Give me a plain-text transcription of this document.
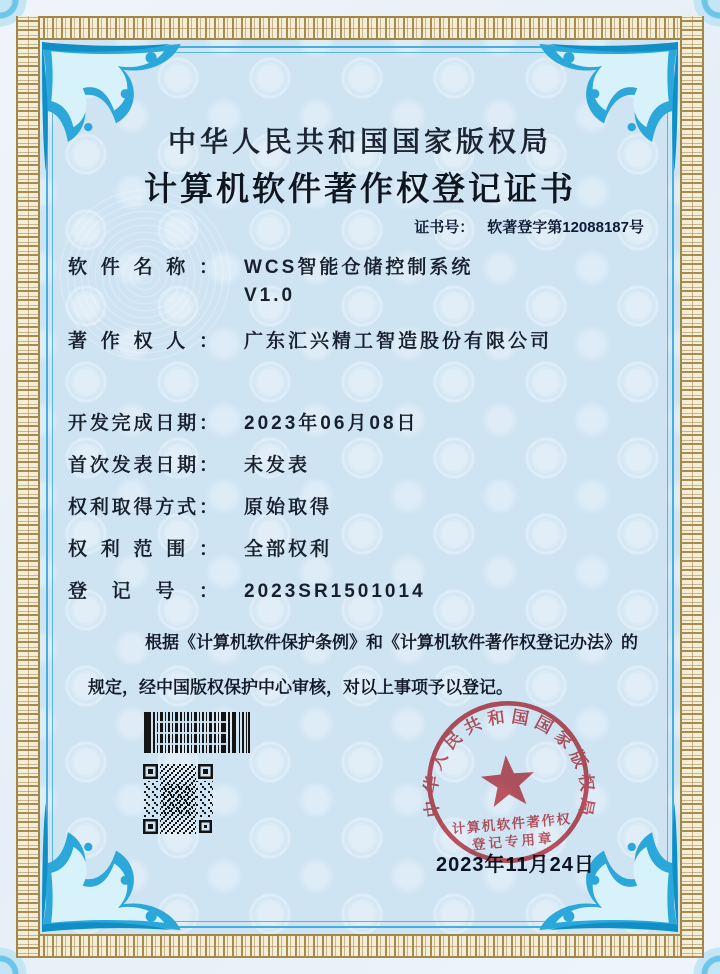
中华人民共和国国家版权局
计算机软件著作权登记证书
证书号： 软著登字第12088187号
软件名称： WCS智能仓储控制系统
V1.0
著作权人： 广东汇兴精工智造股份有限公司
开发完成日期： 2023年06月08日
首次发表日期： 未发表
权利取得方式： 原始取得
权利范围： 全部权利
登记号： 2023SR1501014
根据《计算机软件保护条例》和《计算机软件著作权登记办法》的
规定，经中国版权保护中心审核，对以上事项予以登记。
中华人民共和国国家版权局
计算机软件著作权
登记专用章
2023年11月24日
